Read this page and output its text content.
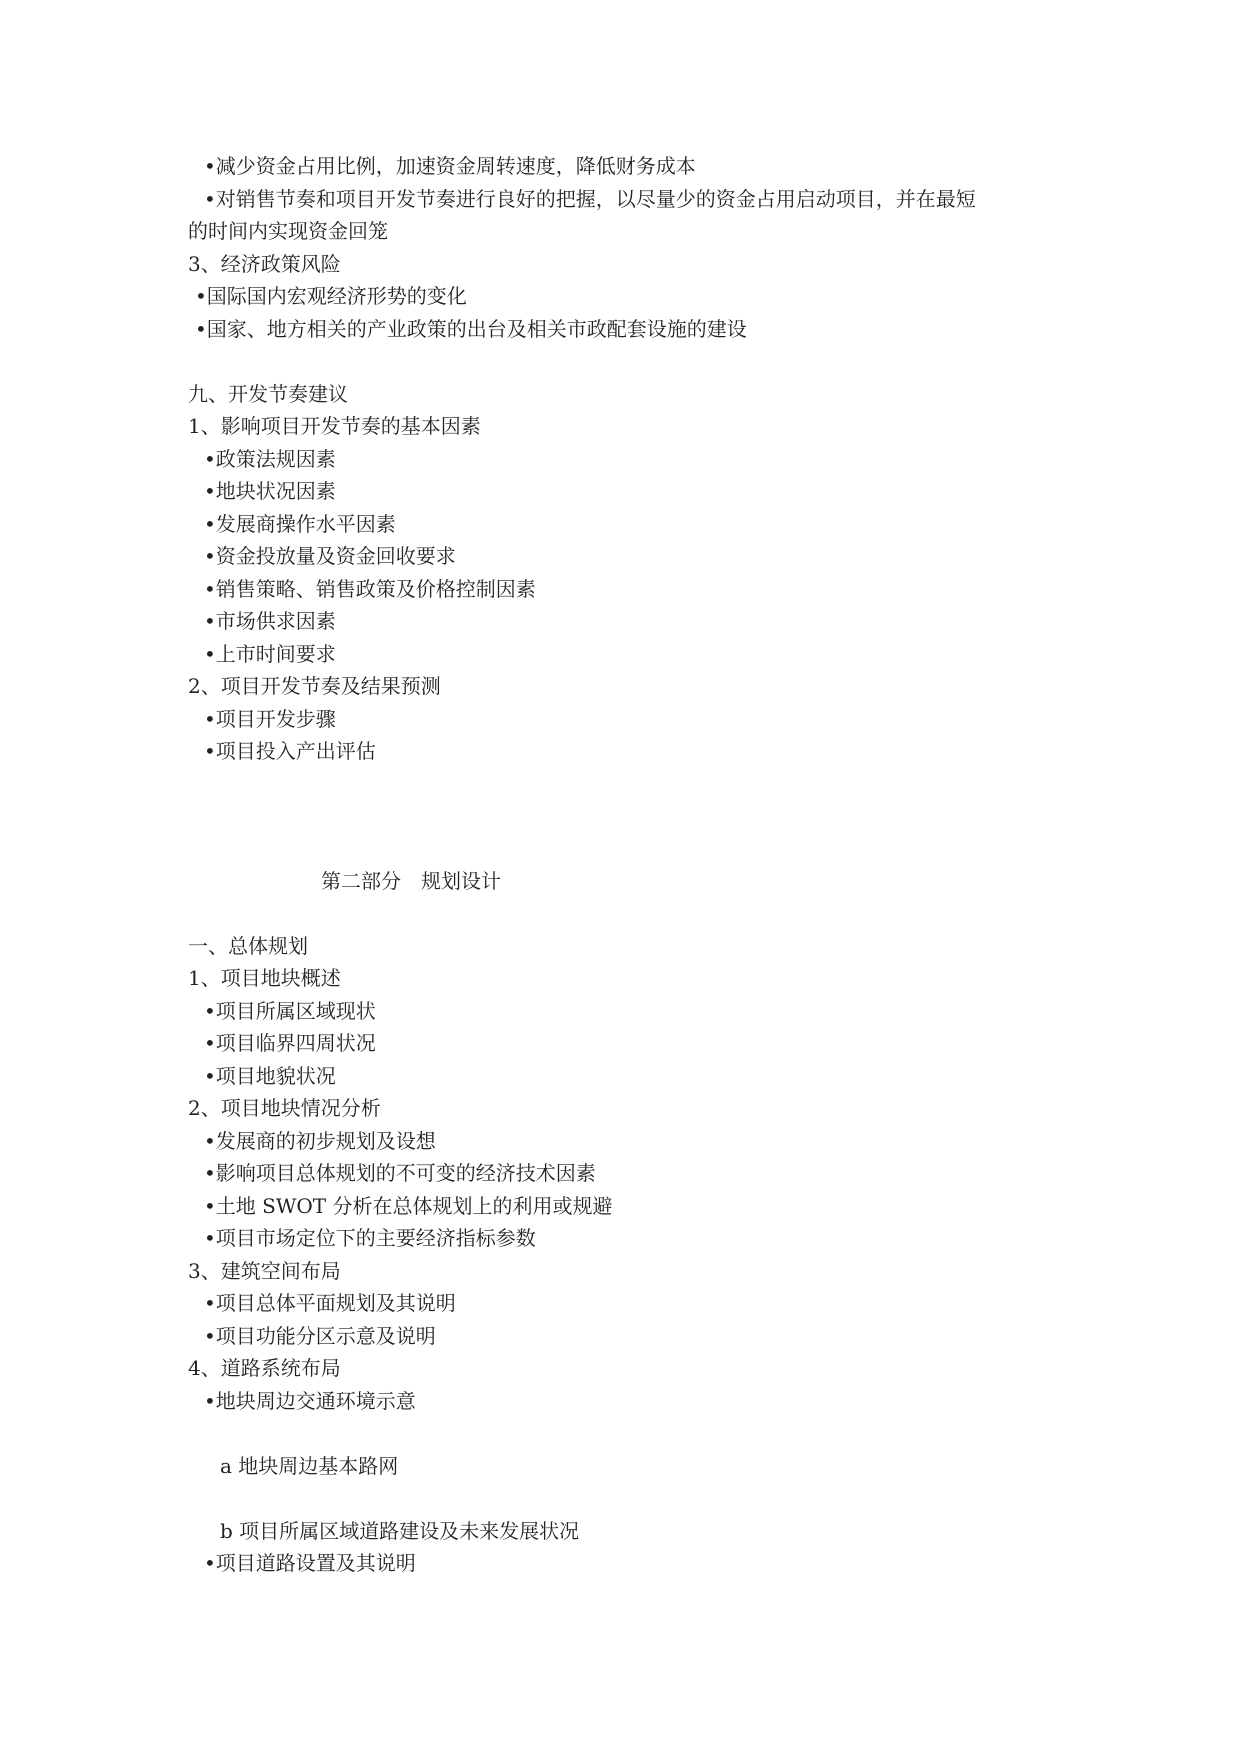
•减少资金占用比例，加速资金周转速度，降低财务成本
•对销售节奏和项目开发节奏进行良好的把握，以尽量少的资金占用启动项目，并在最短
的时间内实现资金回笼
3、经济政策风险
•国际国内宏观经济形势的变化
•国家、地方相关的产业政策的出台及相关市政配套设施的建设
九、开发节奏建议
1、影响项目开发节奏的基本因素
•政策法规因素
•地块状况因素
•发展商操作水平因素
•资金投放量及资金回收要求
•销售策略、销售政策及价格控制因素
•市场供求因素
•上市时间要求
2、项目开发节奏及结果预测
•项目开发步骤
•项目投入产出评估
第二部分　规划设计
一、总体规划
1、项目地块概述
•项目所属区域现状
•项目临界四周状况
•项目地貌状况
2、项目地块情况分析
•发展商的初步规划及设想
•影响项目总体规划的不可变的经济技术因素
•土地 SWOT 分析在总体规划上的利用或规避
•项目市场定位下的主要经济指标参数
3、建筑空间布局
•项目总体平面规划及其说明
•项目功能分区示意及说明
4、道路系统布局
•地块周边交通环境示意
a 地块周边基本路网
b 项目所属区域道路建设及未来发展状况
•项目道路设置及其说明
